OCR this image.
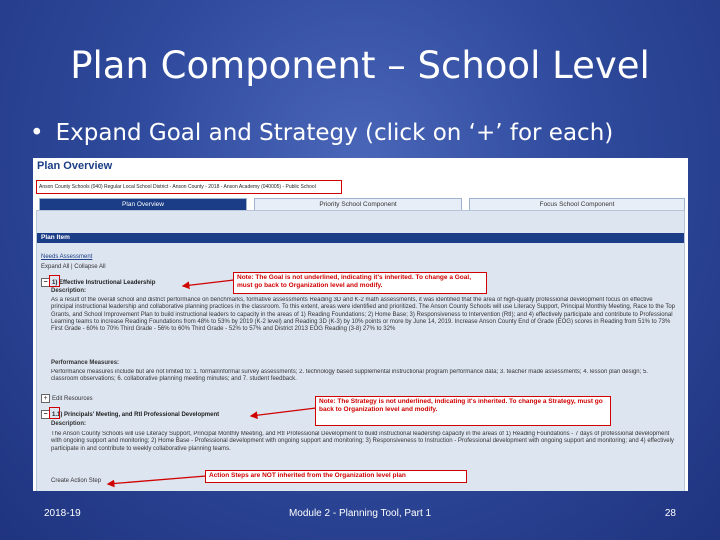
Plan Component – School Level
• Expand Goal and Strategy (click on ‘+’ for each)
Plan Overview
Anson County Schools (040) Regular Local School District - Anson County - 2018 - Anson Academy (040005) - Public School
Plan Overview	Priority School Component	Focus School Component
Plan Item
Needs Assessment
Expand All | Collapse All
− 1) Effective Instructional Leadership
Description:
As a result of the overall school and district performance on benchmarks, formative assessments Reading 3D and K-2 math assessments, it was identified that the area of high-quality professional development focus on effective principal instructional leadership and collaborative planning practices in the classroom. To this extent, areas were identified and prioritized. The Anson County Schools will use Literacy Support, Principal Monthly Meeting, Race to the Top Grants, and School Improvement Plan to build instructional leaders to capacity in the areas of 1) Reading Foundations; 2) Home Base; 3) Responsiveness to Intervention (RtI); and 4) effectively participate and contribute to Professional Learning teams to increase Reading Foundations from 48% to 53% by 2019 (K-2 level) and Reading 3D (K-3) by 10% points or more by June 14, 2019. Increase Anson County End of Grade (EOG) scores in Reading from 51% to 73% First Grade - 60% to 70% Third Grade - 56% to 60% Third Grade - 52% to 57% and District 2013 EOG Reading (3-8) 27% to 32%
Performance Measures:
Performance measures include but are not limited to: 1. formal/informal survey assessments; 2. technology based supplemental instructional program performance data; 3. teacher made assessments; 4. lesson plan design; 5. classroom observations; 6. collaborative planning meeting minutes; and 7. student feedback.
+ Edit Resources
− 1.1) Principals' Meeting, and RtI Professional Development
Description:
The Anson County Schools will use Literacy Support, Principal Monthly Meeting, and RtI Professional Development to build instructional leadership capacity in the areas of 1) Reading Foundations - 7 days of professional development with ongoing support and monitoring; 2) Home Base - Professional development with ongoing support and monitoring; 3) Responsiveness to Instruction - Professional development with ongoing support and monitoring; and 4) effectively participate in and contribute to weekly collaborative planning teams.
Create Action Step
Note: The Goal is not underlined, indicating it's inherited. To change a Goal, must go back to Organization level and modify.
Note: The Strategy is not underlined, indicating it's inherited. To change a Strategy, must go back to Organization level and modify.
Action Steps are NOT inherited from the Organization level plan
2018-19	Module 2 - Planning Tool, Part 1	28
